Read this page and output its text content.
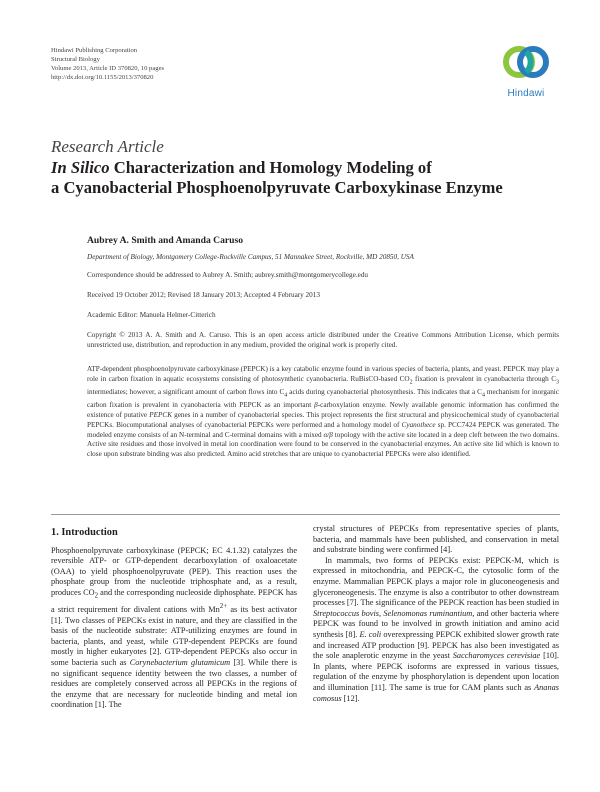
Hindawi Publishing Corporation
Structural Biology
Volume 2013, Article ID 370820, 10 pages
http://dx.doi.org/10.1155/2013/370820
Hindawi
Research Article
In Silico Characterization and Homology Modeling of
a Cyanobacterial Phosphoenolpyruvate Carboxykinase Enzyme
Aubrey A. Smith and Amanda Caruso
Department of Biology, Montgomery College-Rockville Campus, 51 Mannakee Street, Rockville, MD 20850, USA
Correspondence should be addressed to Aubrey A. Smith; aubrey.smith@montgomerycollege.edu
Received 19 October 2012; Revised 18 January 2013; Accepted 4 February 2013
Academic Editor: Manuela Helmer-Citterich
Copyright © 2013 A. A. Smith and A. Caruso. This is an open access article distributed under the Creative Commons Attribution License, which permits unrestricted use, distribution, and reproduction in any medium, provided the original work is properly cited.
ATP-dependent phosphoenolpyruvate carboxykinase (PEPCK) is a key catabolic enzyme found in various species of bacteria, plants, and yeast. PEPCK may play a role in carbon fixation in aquatic ecosystems consisting of photosynthetic cyanobacteria. RuBisCO-based $CO_2$ fixation is prevalent in cyanobacteria through $C_3$ intermediates; however, a significant amount of carbon flows into $C_4$ acids during cyanobacterial photosynthesis. This indicates that a $C_4$ mechanism for inorganic carbon fixation is prevalent in cyanobacteria with PEPCK as an important β-carboxylation enzyme. Newly available genomic information has confirmed the existence of putative PEPCK genes in a number of cyanobacterial species. This project represents the first structural and physicochemical study of cyanobacterial PEPCKs. Biocomputational analyses of cyanobacterial PEPCKs were performed and a homology model of Cyanothece sp. PCC7424 PEPCK was generated. The modeled enzyme consists of an N-terminal and C-terminal domains with a mixed α/β topology with the active site located in a deep cleft between the two domains. Active site residues and those involved in metal ion coordination were found to be conserved in the cyanobacterial enzymes. An active site lid which is known to close upon substrate binding was also predicted. Amino acid stretches that are unique to cyanobacterial PEPCKs were also identified.
1. Introduction

Phosphoenolpyruvate carboxykinase (PEPCK; EC 4.1.32) catalyzes the reversible ATP- or GTP-dependent decarboxylation of oxaloacetate (OAA) to yield phosphoenolpyruvate (PEP). This reaction uses the phosphate group from the nucleotide triphosphate and, as a result, produces $CO_2$ and the corresponding nucleoside diphosphate. PEPCK has a strict requirement for divalent cations with $Mn^{2+}$ as its best activator [1]. Two classes of PEPCKs exist in nature, and they are classified in the basis of the nucleotide substrate: ATP-utilizing enzymes are found in bacteria, plants, and yeast, while GTP-dependent PEPCKs are found mostly in higher eukaryotes [2]. GTP-dependent PEPCKs also occur in some bacteria such as Corynebacterium glutamicum [3]. While there is no significant sequence identity between the two classes, a number of residues are completely conserved across all PEPCKs in the regions of the enzyme that are necessary for nucleotide binding and metal ion coordination [1]. The

crystal structures of PEPCKs from representative species of plants, bacteria, and mammals have been published, and conservation in metal and substrate binding were confirmed [4].

In mammals, two forms of PEPCKs exist: PEPCK-M, which is expressed in mitochondria, and PEPCK-C, the cytosolic form of the enzyme. Mammalian PEPCK plays a major role in gluconeogenesis and glyceroneogenesis. The enzyme is also a contributor to other downstream processes [7]. The significance of the PEPCK reaction has been studied in Streptococcus bovis, Selenomonas ruminantium, and other bacteria where PEPCK was found to be involved in growth initiation and amino acid synthesis [8]. E. coli overexpressing PEPCK exhibited slower growth rate and increased ATP production [9]. PEPCK has also been investigated as the sole anaplerotic enzyme in the yeast Saccharomyces cerevisiae [10]. In plants, where PEPCK isoforms are expressed in various tissues, regulation of the enzyme by phosphorylation is dependent upon location and illumination [11]. The same is true for CAM plants such as Ananas comosus [12].
